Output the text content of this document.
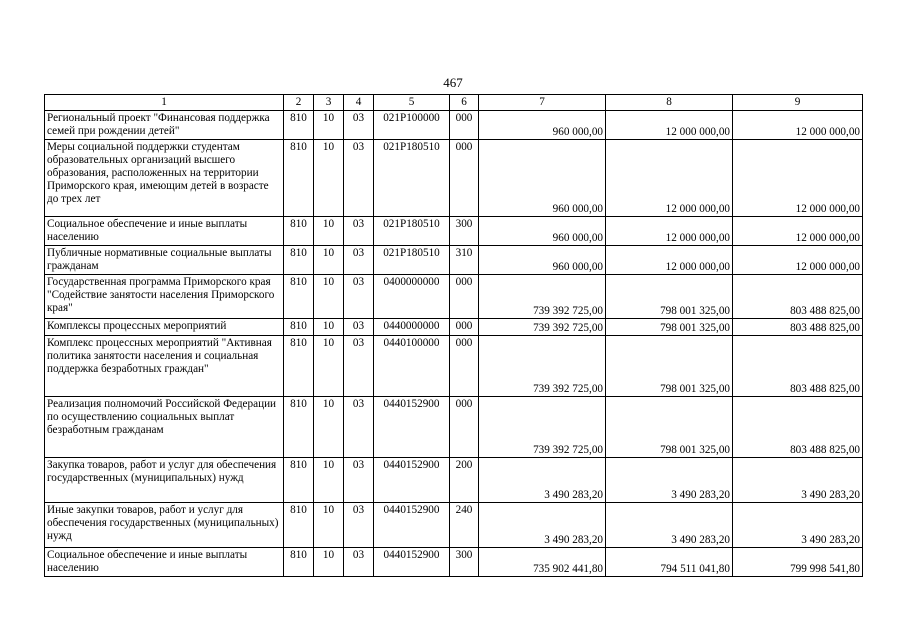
467
1	2	3	4	5	6	7	8	9
Региональный проект "Финансовая поддержка семей при рождении детей"	810	10	03	021P100000	000	960 000,00	12 000 000,00	12 000 000,00
Меры социальной поддержки студентам образовательных организаций высшего образования, расположенных на территории Приморского края, имеющим детей в возрасте до трех лет	810	10	03	021P180510	000	960 000,00	12 000 000,00	12 000 000,00
Социальное обеспечение и иные выплаты населению	810	10	03	021P180510	300	960 000,00	12 000 000,00	12 000 000,00
Публичные нормативные социальные выплаты гражданам	810	10	03	021P180510	310	960 000,00	12 000 000,00	12 000 000,00
Государственная программа Приморского края "Содействие занятости населения Приморского края"	810	10	03	0400000000	000	739 392 725,00	798 001 325,00	803 488 825,00
Комплексы процессных мероприятий	810	10	03	0440000000	000	739 392 725,00	798 001 325,00	803 488 825,00
Комплекс процессных мероприятий "Активная политика занятости населения и социальная поддержка безработных граждан"	810	10	03	0440100000	000	739 392 725,00	798 001 325,00	803 488 825,00
Реализация полномочий Российской Федерации по осуществлению социальных выплат безработным гражданам	810	10	03	0440152900	000	739 392 725,00	798 001 325,00	803 488 825,00
Закупка товаров, работ и услуг для обеспечения государственных (муниципальных) нужд	810	10	03	0440152900	200	3 490 283,20	3 490 283,20	3 490 283,20
Иные закупки товаров, работ и услуг для обеспечения государственных (муниципальных) нужд	810	10	03	0440152900	240	3 490 283,20	3 490 283,20	3 490 283,20
Социальное обеспечение и иные выплаты населению	810	10	03	0440152900	300	735 902 441,80	794 511 041,80	799 998 541,80
